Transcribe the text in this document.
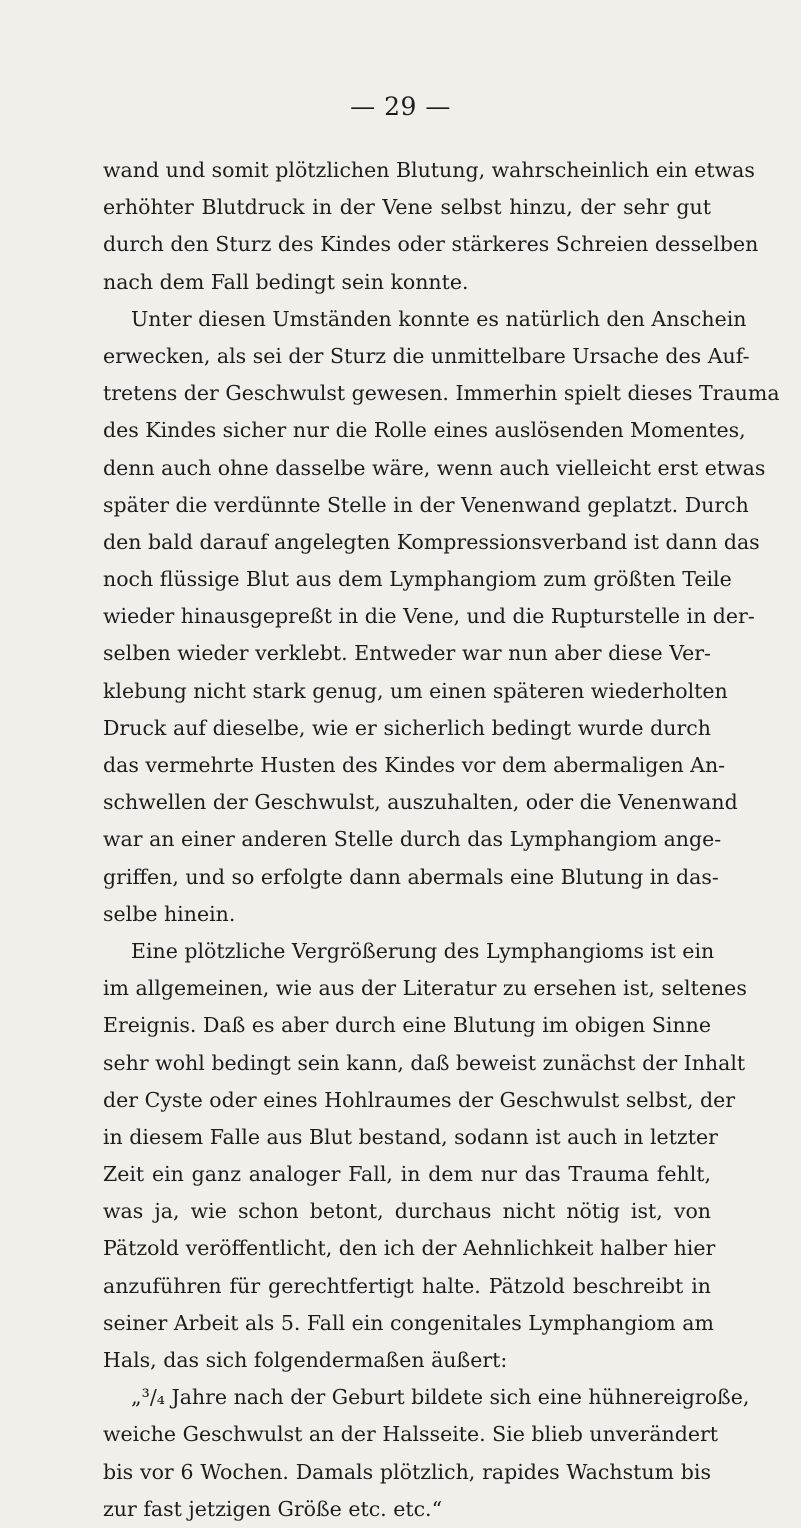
— 29 —
wand und somit plötzlichen Blutung, wahrscheinlich ein etwas
erhöhter Blutdruck in der Vene selbst hinzu, der sehr gut
durch den Sturz des Kindes oder stärkeres Schreien desselben
nach dem Fall bedingt sein konnte.
Unter diesen Umständen konnte es natürlich den Anschein
erwecken, als sei der Sturz die unmittelbare Ursache des Auf-
tretens der Geschwulst gewesen. Immerhin spielt dieses Trauma
des Kindes sicher nur die Rolle eines auslösenden Momentes,
denn auch ohne dasselbe wäre, wenn auch vielleicht erst etwas
später die verdünnte Stelle in der Venenwand geplatzt. Durch
den bald darauf angelegten Kompressionsverband ist dann das
noch flüssige Blut aus dem Lymphangiom zum größten Teile
wieder hinausgepreßt in die Vene, und die Rupturstelle in der-
selben wieder verklebt. Entweder war nun aber diese Ver-
klebung nicht stark genug, um einen späteren wiederholten
Druck auf dieselbe, wie er sicherlich bedingt wurde durch
das vermehrte Husten des Kindes vor dem abermaligen An-
schwellen der Geschwulst, auszuhalten, oder die Venenwand
war an einer anderen Stelle durch das Lymphangiom ange-
griffen, und so erfolgte dann abermals eine Blutung in das-
selbe hinein.
Eine plötzliche Vergrößerung des Lymphangioms ist ein
im allgemeinen, wie aus der Literatur zu ersehen ist, seltenes
Ereignis. Daß es aber durch eine Blutung im obigen Sinne
sehr wohl bedingt sein kann, daß beweist zunächst der Inhalt
der Cyste oder eines Hohlraumes der Geschwulst selbst, der
in diesem Falle aus Blut bestand, sodann ist auch in letzter
Zeit ein ganz analoger Fall, in dem nur das Trauma fehlt,
was ja, wie schon betont, durchaus nicht nötig ist, von
Pätzold veröffentlicht, den ich der Aehnlichkeit halber hier
anzuführen für gerechtfertigt halte. Pätzold beschreibt in
seiner Arbeit als 5. Fall ein congenitales Lymphangiom am
Hals, das sich folgendermaßen äußert:
„³/₄ Jahre nach der Geburt bildete sich eine hühnereigroße,
weiche Geschwulst an der Halsseite. Sie blieb unverändert
bis vor 6 Wochen. Damals plötzlich, rapides Wachstum bis
zur fast jetzigen Größe etc. etc.“
